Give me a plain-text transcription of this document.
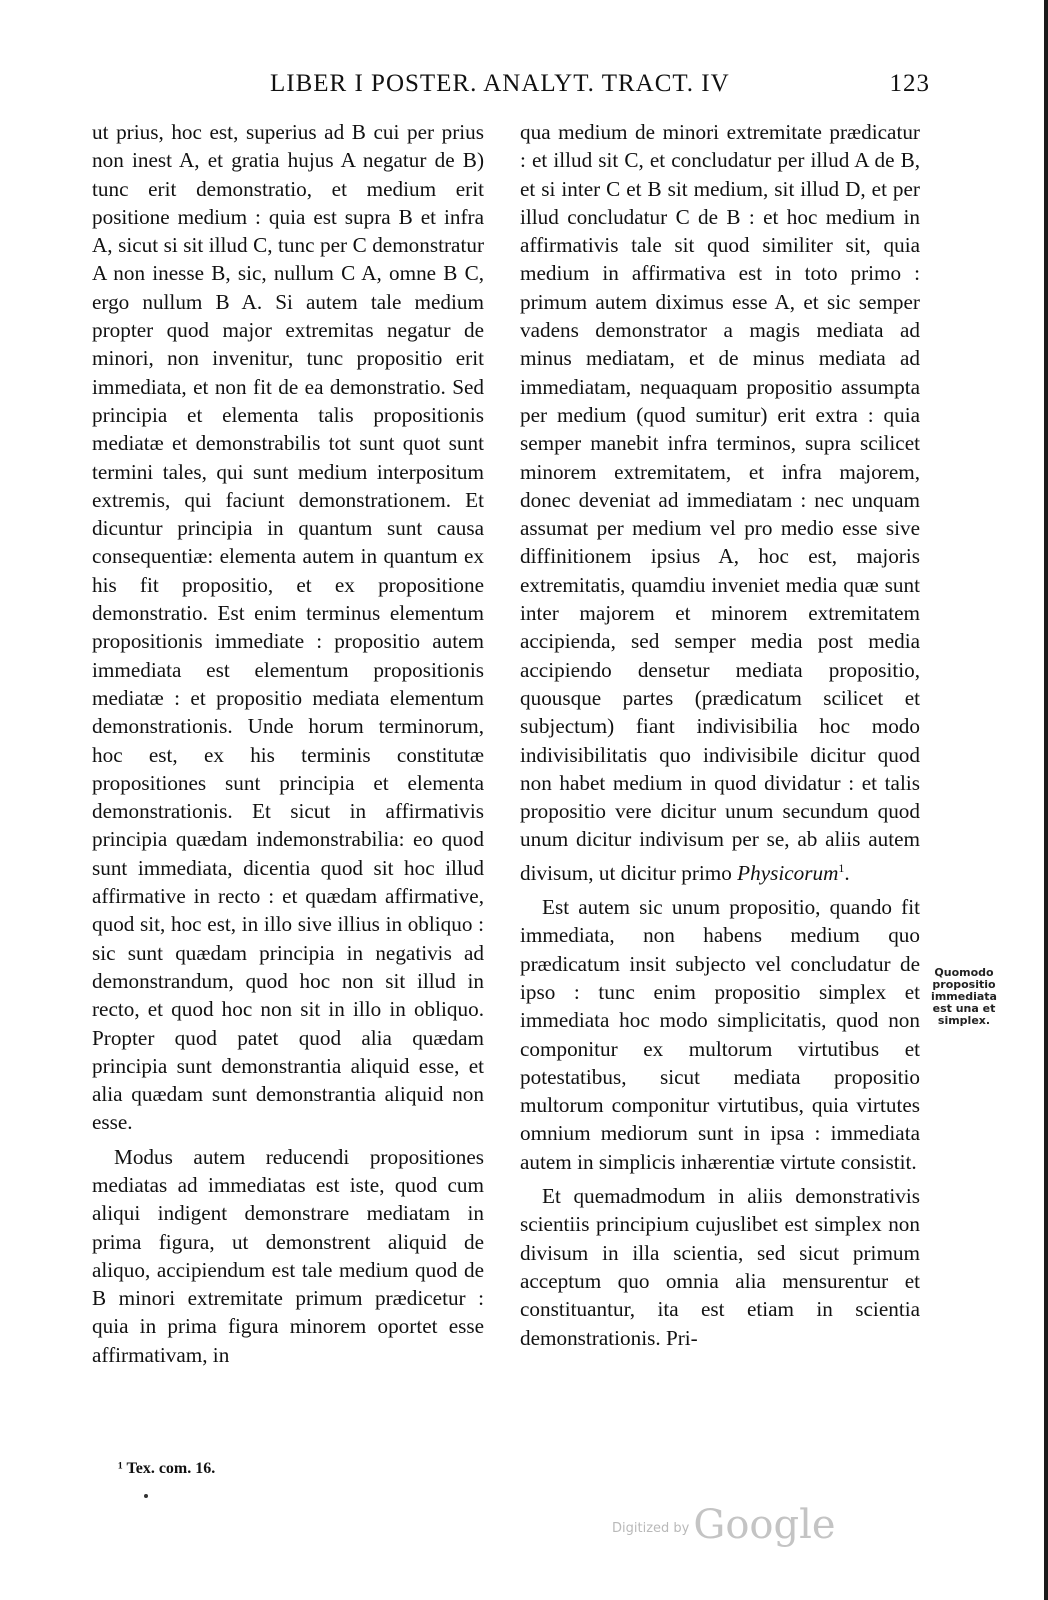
LIBER I POSTER. ANALYT. TRACT. IV	123

ut prius, hoc est, superius ad B cui per prius non inest A, et gratia hujus A negatur de B) tunc erit demonstratio, et medium erit positione medium : quia est supra B et infra A, sicut si sit illud C, tunc per C demonstratur A non inesse B, sic, nullum C A, omne B C, ergo nullum B A. Si autem tale medium propter quod major extremitas negatur de minori, non invenitur, tunc propositio erit immediata, et non fit de ea demonstratio. Sed principia et elementa talis propositionis mediatæ et demonstrabilis tot sunt quot sunt termini tales, qui sunt medium interpositum extremis, qui faciunt demonstrationem. Et dicuntur principia in quantum sunt causa consequentiæ: elementa autem in quantum ex his fit propositio, et ex propositione demonstratio. Est enim terminus elementum propositionis immediate : propositio autem immediata est elementum propositionis mediatæ : et propositio mediata elementum demonstrationis. Unde horum terminorum, hoc est, ex his terminis constitutæ propositiones sunt principia et elementa demonstrationis. Et sicut in affirmativis principia quædam indemonstrabilia: eo quod sunt immediata, dicentia quod sit hoc illud affirmative in recto : et quædam affirmative, quod sit, hoc est, in illo sive illius in obliquo : sic sunt quædam principia in negativis ad demonstrandum, quod hoc non sit illud in recto, et quod hoc non sit in illo in obliquo. Propter quod patet quod alia quædam principia sunt demonstrantia aliquid esse, et alia quædam sunt demonstrantia aliquid non esse.

Modus autem reducendi propositiones mediatas ad immediatas est iste, quod cum aliqui indigent demonstrare mediatam in prima figura, ut demonstrent aliquid de aliquo, accipiendum est tale medium quod de B minori extremitate primum prædicetur : quia in prima figura minorem oportet esse affirmativam, in

qua medium de minori extremitate prædicatur : et illud sit C, et concludatur per illud A de B, et si inter C et B sit medium, sit illud D, et per illud concludatur C de B : et hoc medium in affirmativis tale sit quod similiter sit, quia medium in affirmativa est in toto primo : primum autem diximus esse A, et sic semper vadens demonstrator a magis mediata ad minus mediatam, et de minus mediata ad immediatam, nequaquam propositio assumpta per medium (quod sumitur) erit extra : quia semper manebit infra terminos, supra scilicet minorem extremitatem, et infra majorem, donec deveniat ad immediatam : nec unquam assumat per medium vel pro medio esse sive diffinitionem ipsius A, hoc est, majoris extremitatis, quamdiu inveniet media quæ sunt inter majorem et minorem extremitatem accipienda, sed semper media post media accipiendo densetur mediata propositio, quousque partes (prædicatum scilicet et subjectum) fiant indivisibilia hoc modo indivisibilitatis quo indivisibile dicitur quod non habet medium in quod dividatur : et talis propositio vere dicitur unum secundum quod unum dicitur indivisum per se, ab aliis autem divisum, ut dicitur primo Physicorum$^1$.

Est autem sic unum propositio, quando fit immediata, non habens medium quo prædicatum insit subjecto vel concludatur de ipso : tunc enim propositio simplex et immediata hoc modo simplicitatis, quod non componitur ex multorum virtutibus et potestatibus, sicut mediata propositio multorum componitur virtutibus, quia virtutes omnium mediorum sunt in ipsa : immediata autem in simplicis inhærentiæ virtute consistit.

Et quemadmodum in aliis demonstrativis scientiis principium cujuslibet est simplex non divisum in illa scientia, sed sicut primum acceptum quo omnia alia mensurentur et constituantur, ita est etiam in scientia demonstrationis. Pri-

Quomodo
propositio
immediata
est una et
simplex.
¹ Tex. com. 16.
$^{Digitized by}$ Google
